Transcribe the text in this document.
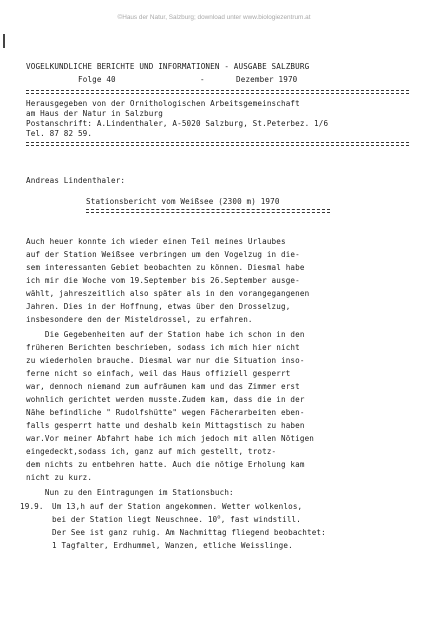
©Haus der Natur, Salzburg; download unter www.biologiezentrum.at
VOGELKUNDLICHE BERICHTE UND INFORMATIONEN - AUSGABE SALZBURG
Folge 40	-	Dezember 1970
Herausgegeben von der Ornithologischen Arbeitsgemeinschaft
am Haus der Natur in Salzburg
Postanschrift: A.Lindenthaler, A-5020 Salzburg, St.Peterbez. 1/6
Tel. 87 82 59.
Andreas Lindenthaler:
Stationsbericht vom Weißsee (2300 m) 1970
Auch heuer konnte ich wieder einen Teil meines Urlaubes
auf der Station Weißsee verbringen um den Vogelzug in die-
sem interessanten Gebiet beobachten zu können. Diesmal habe
ich mir die Woche vom 19.September bis 26.September ausge-
wählt, jahreszeitlich also später als in den vorangegangenen
Jahren. Dies in der Hoffnung, etwas über den Drosselzug,
insbesondere den der Misteldrossel, zu erfahren.
Die Gegebenheiten auf der Station habe ich schon in den
früheren Berichten beschrieben, sodass ich mich hier nicht
zu wiederholen brauche. Diesmal war nur die Situation inso-
ferne nicht so einfach, weil das Haus offiziell gesperrt
war, dennoch niemand zum aufräumen kam und das Zimmer erst
wohnlich gerichtet werden musste.Zudem kam, dass die in der
Nähe befindliche " Rudolfshütte" wegen Fächerarbeiten eben-
falls gesperrt hatte und deshalb kein Mittagstisch zu haben
war.Vor meiner Abfahrt habe ich mich jedoch mit allen Nötigen
eingedeckt,sodass ich, ganz auf mich gestellt, trotz-
dem nichts zu entbehren hatte. Auch die nötige Erholung kam
nicht zu kurz.
Nun zu den Eintragungen im Stationsbuch:
19.9. Um 13,h auf der Station angekommen. Wetter wolkenlos,
bei der Station liegt Neuschnee. 10$^o$, fast windstill.
Der See ist ganz ruhig. Am Nachmittag fliegend beobachtet:
1 Tagfalter, Erdhummel, Wanzen, etliche Weisslinge.
